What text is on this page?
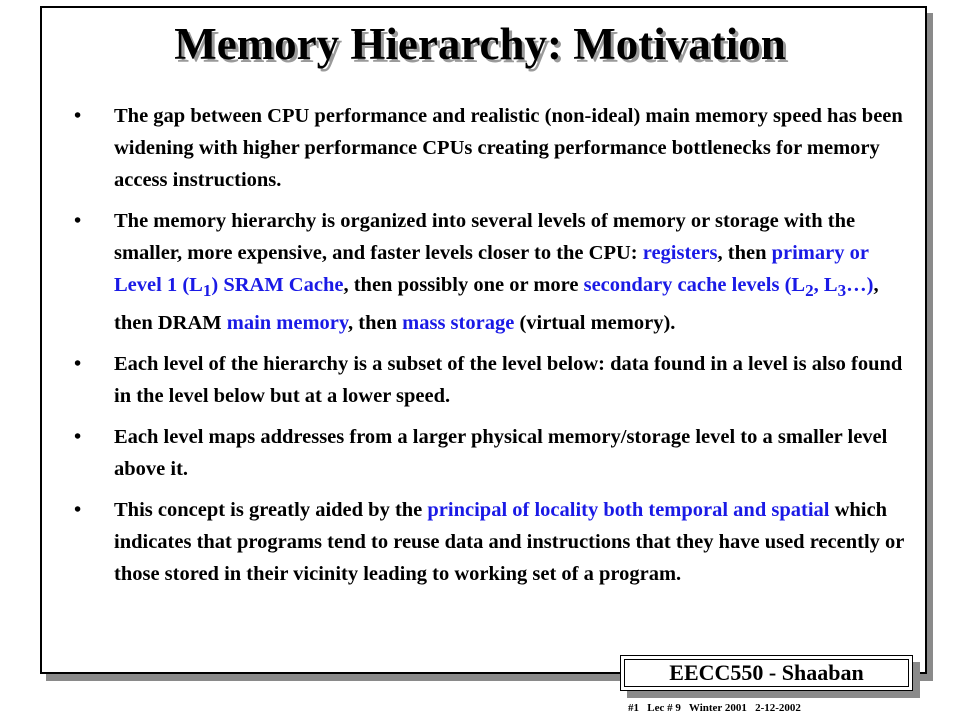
Memory Hierarchy: Motivation
• The gap between CPU performance and realistic (non-ideal) main memory speed has been widening with higher performance CPUs creating performance bottlenecks for memory access instructions.
• The memory hierarchy is organized into several levels of memory or storage with the smaller, more expensive, and faster levels closer to the CPU: registers, then primary or Level 1 $(L_1)$ SRAM Cache, then possibly one or more secondary cache levels ($L_2$, $L_3\dots$), then DRAM main memory, then mass storage (virtual memory).
• Each level of the hierarchy is a subset of the level below: data found in a level is also found in the level below but at a lower speed.
• Each level maps addresses from a larger physical memory/storage level to a smaller level above it.
• This concept is greatly aided by the principal of locality both temporal and spatial which indicates that programs tend to reuse data and instructions that they have used recently or those stored in their vicinity leading to working set of a program.
EECC550 - Shaaban
#1   Lec # 9   Winter 2001   2-12-2002
